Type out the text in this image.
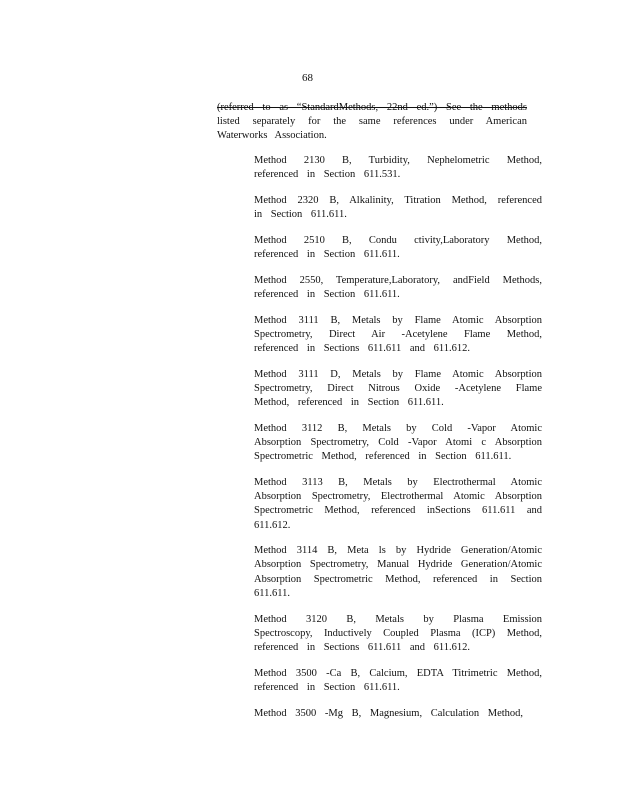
68
(referred to as “StandardMethods, 22nd ed.”) See the methods listed separately for the same references under American Waterworks Association.

Method 2130 B, Turbidity, Nephelometric Method, referenced in Section 611.531.

Method 2320 B, Alkalinity, Titration Method, referenced in Section 611.611.

Method 2510 B, Condu ctivity,Laboratory Method, referenced in Section 611.611.

Method 2550, Temperature,Laboratory, andField Methods, referenced in Section 611.611.

Method 3111 B, Metals by Flame Atomic Absorption Spectrometry, Direct Air -Acetylene Flame Method, referenced in Sections 611.611 and 611.612.

Method 3111 D, Metals by Flame Atomic Absorption Spectrometry, Direct Nitrous Oxide -Acetylene Flame Method, referenced in Section 611.611.

Method 3112 B, Metals by Cold -Vapor Atomic Absorption Spectrometry, Cold -Vapor Atomi c Absorption Spectrometric Method, referenced in Section 611.611.

Method 3113 B, Metals by Electrothermal Atomic Absorption Spectrometry, Electrothermal Atomic Absorption Spectrometric Method, referenced inSections 611.611 and 611.612.

Method 3114 B, Meta ls by Hydride Generation/Atomic Absorption Spectrometry, Manual Hydride Generation/Atomic Absorption Spectrometric Method, referenced in Section 611.611.

Method 3120 B, Metals by Plasma Emission Spectroscopy, Inductively Coupled Plasma (ICP) Method, referenced in Sections 611.611 and 611.612.

Method 3500 -Ca B, Calcium, EDTA Titrimetric Method, referenced in Section 611.611.

Method 3500 -Mg B, Magnesium, Calculation Method,
